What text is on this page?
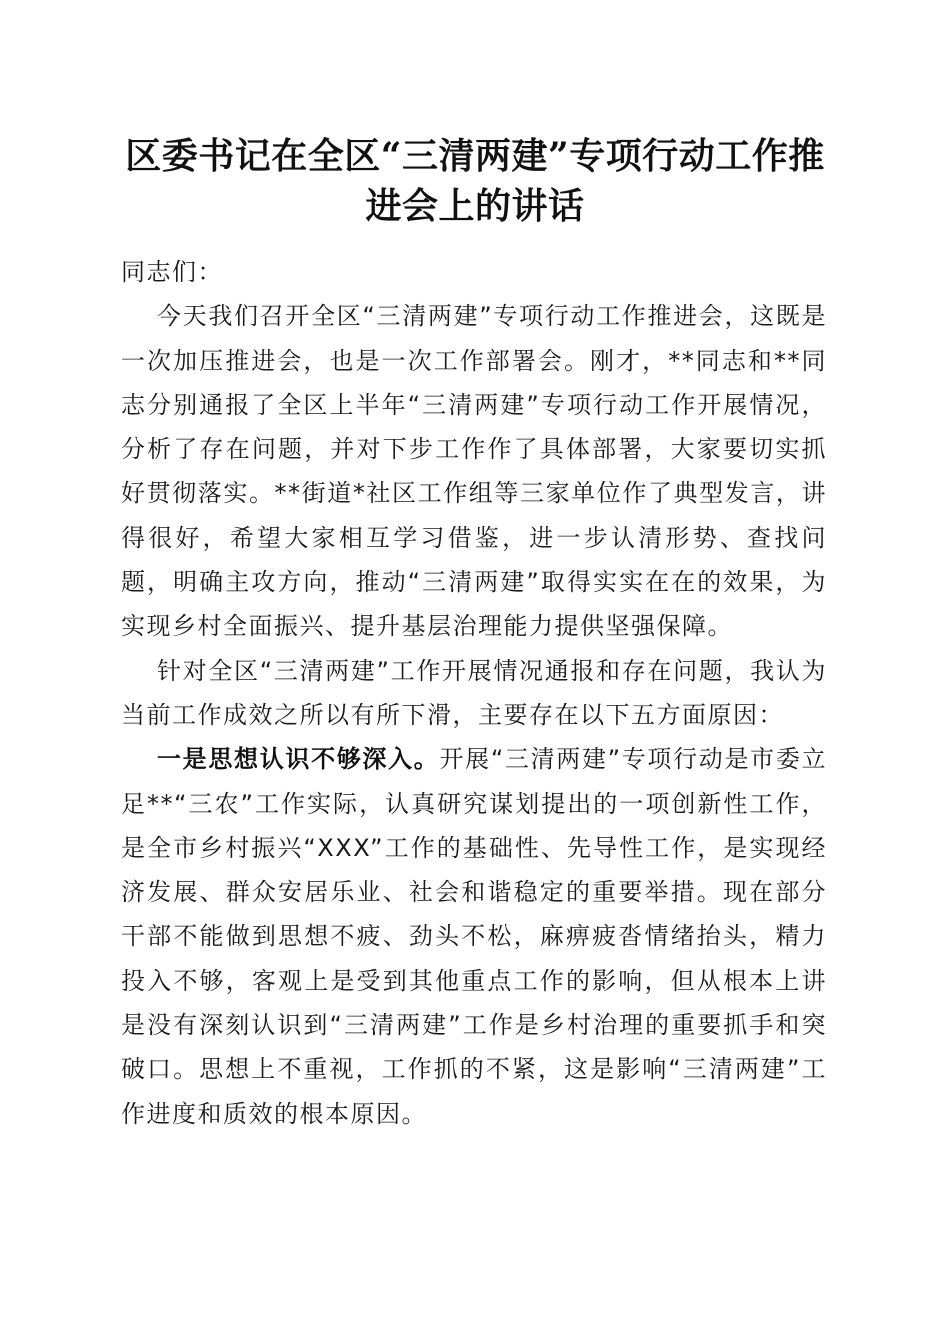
区委书记在全区“三清两建”专项行动工作推
进会上的讲话

同志们：

今天我们召开全区“三清两建”专项行动工作推进会，这既是一次加压推进会，也是一次工作部署会。刚才，**同志和**同志分别通报了全区上半年“三清两建”专项行动工作开展情况，分析了存在问题，并对下步工作作了具体部署，大家要切实抓好贯彻落实。**街道*社区工作组等三家单位作了典型发言，讲得很好，希望大家相互学习借鉴，进一步认清形势、查找问题，明确主攻方向，推动“三清两建”取得实实在在的效果，为实现乡村全面振兴、提升基层治理能力提供坚强保障。

针对全区“三清两建”工作开展情况通报和存在问题，我认为当前工作成效之所以有所下滑，主要存在以下五方面原因：

一是思想认识不够深入。开展“三清两建”专项行动是市委立足**“三农”工作实际，认真研究谋划提出的一项创新性工作，是全市乡村振兴“XXX”工作的基础性、先导性工作，是实现经济发展、群众安居乐业、社会和谐稳定的重要举措。现在部分干部不能做到思想不疲、劲头不松，麻痹疲沓情绪抬头，精力投入不够，客观上是受到其他重点工作的影响，但从根本上讲是没有深刻认识到“三清两建”工作是乡村治理的重要抓手和突破口。思想上不重视，工作抓的不紧，这是影响“三清两建”工作进度和质效的根本原因。
